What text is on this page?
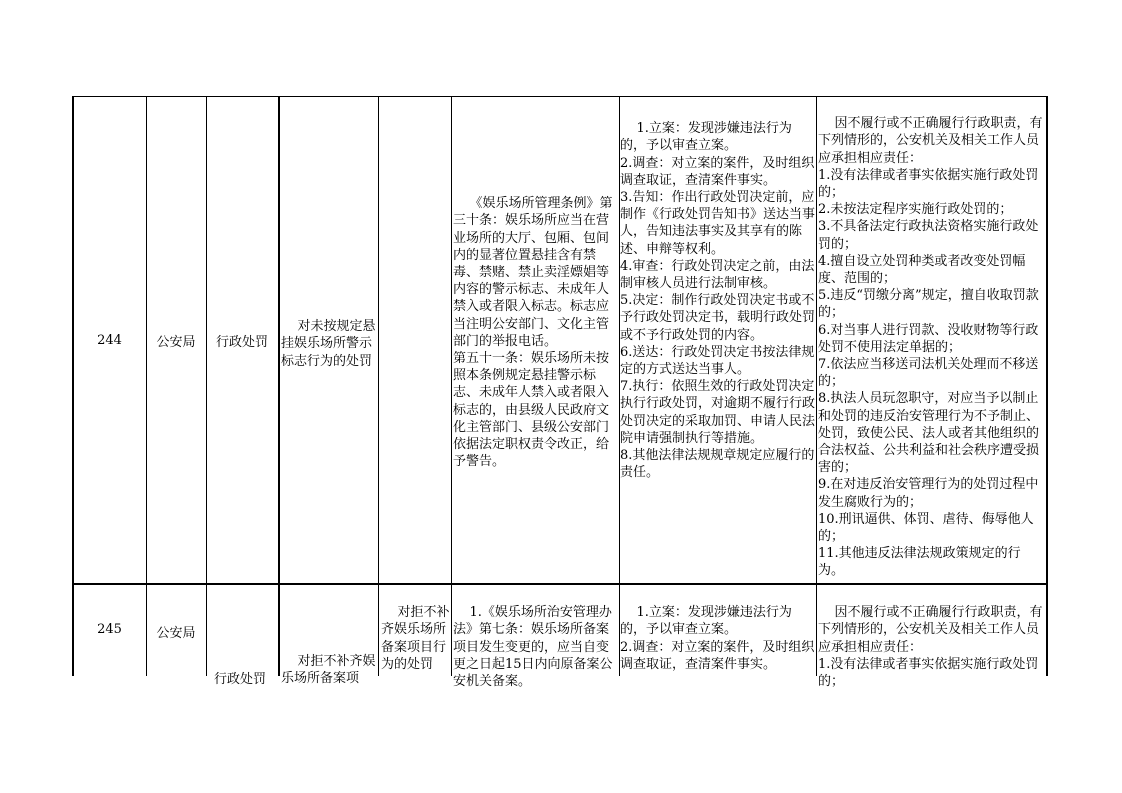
244	公安局 行政处罚

对未按规定悬挂娱乐场所警示标志行为的处罚

《娱乐场所管理条例》第三十条：娱乐场所应当在营业场所的大厅、包厢、包间内的显著位置悬挂含有禁毒、禁赌、禁止卖淫嫖娼等内容的警示标志、未成年人禁入或者限入标志。标志应当注明公安部门、文化主管部门的举报电话。
第五十一条：娱乐场所未按照本条例规定悬挂警示标志、未成年人禁入或者限入标志的，由县级人民政府文化主管部门、县级公安部门依据法定职权责令改正，给予警告。

1.立案：发现涉嫌违法行为的，予以审查立案。
2.调查：对立案的案件，及时组织调查取证，查清案件事实。
3.告知：作出行政处罚决定前，应制作《行政处罚告知书》送达当事人，告知违法事实及其享有的陈述、申辩等权利。
4.审查：行政处罚决定之前，由法制审核人员进行法制审核。
5.决定：制作行政处罚决定书或不予行政处罚决定书，载明行政处罚或不予行政处罚的内容。
6.送达：行政处罚决定书按法律规定的方式送达当事人。
7.执行：依照生效的行政处罚决定执行行政处罚，对逾期不履行行政处罚决定的采取加罚、申请人民法院申请强制执行等措施。
8.其他法律法规规章规定应履行的责任。

因不履行或不正确履行行政职责，有下列情形的，公安机关及相关工作人员应承担相应责任：
1.没有法律或者事实依据实施行政处罚的；
2.未按法定程序实施行政处罚的；
3.不具备法定行政执法资格实施行政处罚的；
4.擅自设立处罚种类或者改变处罚幅度、范围的；
5.违反“罚缴分离”规定，擅自收取罚款的；
6.对当事人进行罚款、没收财物等行政处罚不使用法定单据的；
7.依法应当移送司法机关处理而不移送的；
8.执法人员玩忽职守，对应当予以制止和处罚的违反治安管理行为不予制止、处罚，致使公民、法人或者其他组织的合法权益、公共利益和社会秩序遭受损害的；
9.在对违反治安管理行为的处罚过程中发生腐败行为的；
10.刑讯逼供、体罚、虐待、侮辱他人的；
11.其他违反法律法规政策规定的行为。

245	公安局
行政处罚

对拒不补齐娱乐场所备案项

对拒不补齐娱乐场所备案项目行为的处罚

1.《娱乐场所治安管理办法》第七条：娱乐场所备案项目发生变更的，应当自变更之日起15日内向原备案公安机关备案。

1.立案：发现涉嫌违法行为的，予以审查立案。
2.调查：对立案的案件，及时组织调查取证，查清案件事实。

因不履行或不正确履行行政职责，有下列情形的，公安机关及相关工作人员应承担相应责任：
1.没有法律或者事实依据实施行政处罚的；
